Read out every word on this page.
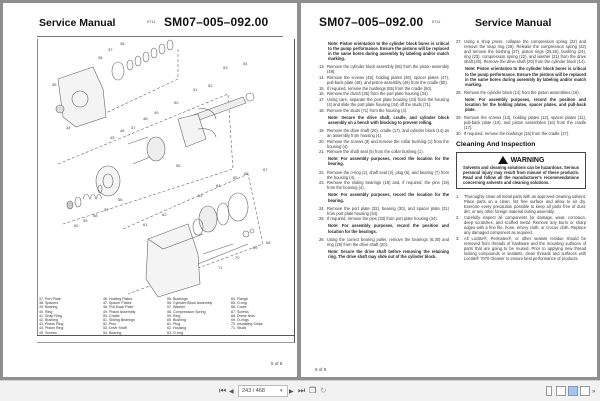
Service Manual	0711 SM07–005–092.00
34
35
36
37
38
53
54
52
51
50
49
48
47
46
45
55
56
57
58
59
60	61
62
63
64
65
66
67
68
69
70
71
37. Port Plate
38. Spacers
39. Bearing
40. Ring
41. Snap Ring
42. Bushing
43. Piston Ring
44. Piston Ring
45. Screws
46. Holding Plates
47. Spacer Plates
48. Pull-Back Plate
49. Piston Assembly
50. Cradle
51. Sliding Bearings
52. Pins
53. Drive Shaft
54. Bearing
55. Bushings
56. Cylinder Block Assembly
57. Washer
58. Compression Spring
59. Ring
60. Bushing
61. Plug
62. Housing
63. O-ring
64. Flange
65. O-ring
66. Cover
67. Screws
68. Dome Nuts
69. O-rings
70. Insulating Strips
71. Studs
5 of 8
SM07–005–092.00 0711	Service Manual
Note: Piston orientation to the cylinder block bores is critical to the pump performance. Ensure the pistons will be replaced in the same bores during assembly by labeling and/or match marking.
13. Remove the cylinder block assembly (56) from the piston assembly (49).
14. Remove the screws (45), holding plates (46), spacer plates (47), pull-back plate (48), and piston assembly (49) from the cradle (50).
15. If required, remove the bushings (55) from the cradle (50).
16. Remove the clutch (35) from the port plate housing (34).
17. Using care, separate the port plate housing (34) from the housing (4) and slide the port plate housing (34) off the studs (71).
18. Remove the studs (71) from the housing (4).
Note: Secure the drive shaft, cradle, and cylinder block assembly on a bench with blocking to prevent rolling.
19. Remove the drive shaft (20), cradle (17), and cylinder block (14) as an assembly from housing (4).
20. Remove the screws (8) and remove the collar bushing (1) from the housing (4).
21. Remove the shaft seal (5) from the collar bushing (1).
Note: For assembly purposes, record the location for the bearing.
22. Remove the o-ring (2), shaft seal (3), plug (6), and bearing (7) from the housing (4).
23. Remove the sliding bearings (19) and, if required, the pins (19) from the housing (4).
Note: For assembly purposes, record the location for the bearing.
24. Remove the port plate (32), bearing (30), and spacer plate (31) from port plate housing (34).
25. If required, remove the pins (33) from port plate housing (34).
Note: For assembly purposes, record the position and location for the bearings.
26. Using the correct bearing puller, remove the bearings (6,30) and ring (29) from the drive shaft (20).
Note: Secure the drive shaft before removing the retaining ring. The drive shaft may slide out of the cylinder block.
27. Using a shop press, collapse the compression spring (22) and remove the snap ring (28). Release the compression spring (22) and remove the bushing (27), piston rings (25,26), bushing (24), ring (23), compression spring (22), and washer (21) from the drive shaft (20). Remove the drive shaft (20) from the cylinder block (14).
Note: Piston orientation to the cylinder block bores is critical to the pump performance. Ensure the pistons will be replaced in the same bores during assembly by labeling and/or match marking.
28. Remove the cylinder block (14) from the piston assemblies (16).
Note: For assembly purposes, record the position and location for the holding plates, spacer plates, and pull-back plate.
29. Remove the screws (13), holding plates (12), spacer plates (11), pull-back plate (10), and piston assemblies (16) from the cradle (17).
30. If required, remove the bushings (15) from the cradle (17).
Cleaning And Inspection
WARNING
Solvents and cleaning solutions can be hazardous. Serious personal injury may result from misuse of these products. Read and follow all the manufacturer's recommendations concerning solvents and cleaning solutions.
1.	Thoroughly clean all metal parts with an approved cleaning solvent. Place parts on a clean, lint free surface and allow to air dry. Exercise every precaution possible to keep all parts free of dust, dirt, or any other foreign material during assembly.
2.	Carefully inspect all components for damage, wear, corrosion, deep scratches, and scuffed metal. Remove any burrs or sharp edges with a fine file, hone, emery cloth, or crocus cloth. Replace any damaged component as required.
3.	All Loctite®, Permatex®, or other sealant residue should be removed from threads of hardware and the mounting surfaces of parts that are going to be reused. Prior to applying new thread locking compounds or sealants, clean threads and surfaces with Loctite® 7070 Cleaner to ensure best performance of products.
6 of 8
⏮ ◀	243 / 468	▾ ▶ ⏭ ❐ ↻	»
